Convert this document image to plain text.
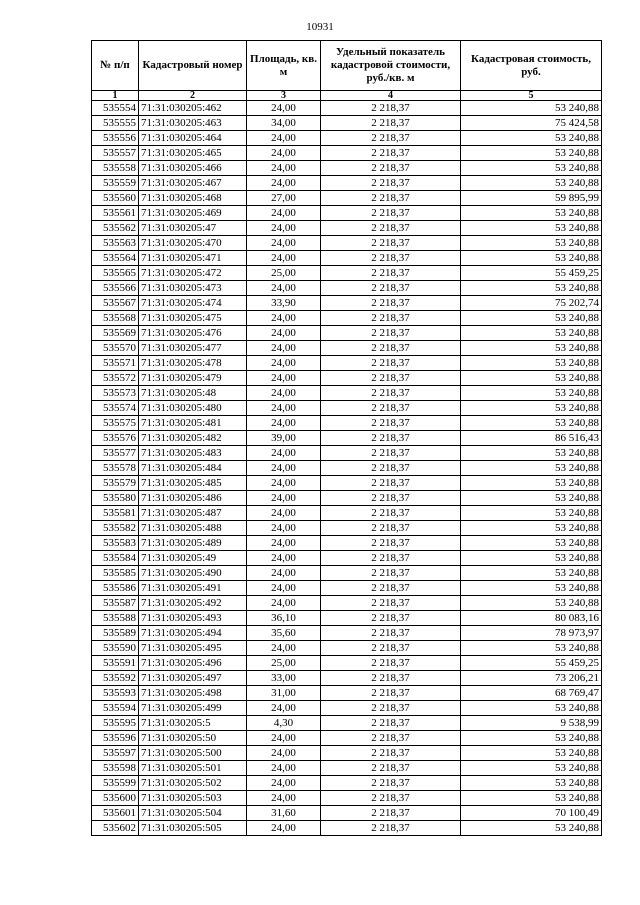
10931
№ п/п	Кадастровый номер	Площадь, кв. м	Удельный показатель кадастровой стоимости, руб./кв. м	Кадастровая стоимость, руб.
1	2	3	4	5
535554	71:31:030205:462	24,00	2 218,37	53 240,88
535555	71:31:030205:463	34,00	2 218,37	75 424,58
535556	71:31:030205:464	24,00	2 218,37	53 240,88
535557	71:31:030205:465	24,00	2 218,37	53 240,88
535558	71:31:030205:466	24,00	2 218,37	53 240,88
535559	71:31:030205:467	24,00	2 218,37	53 240,88
535560	71:31:030205:468	27,00	2 218,37	59 895,99
535561	71:31:030205:469	24,00	2 218,37	53 240,88
535562	71:31:030205:47	24,00	2 218,37	53 240,88
535563	71:31:030205:470	24,00	2 218,37	53 240,88
535564	71:31:030205:471	24,00	2 218,37	53 240,88
535565	71:31:030205:472	25,00	2 218,37	55 459,25
535566	71:31:030205:473	24,00	2 218,37	53 240,88
535567	71:31:030205:474	33,90	2 218,37	75 202,74
535568	71:31:030205:475	24,00	2 218,37	53 240,88
535569	71:31:030205:476	24,00	2 218,37	53 240,88
535570	71:31:030205:477	24,00	2 218,37	53 240,88
535571	71:31:030205:478	24,00	2 218,37	53 240,88
535572	71:31:030205:479	24,00	2 218,37	53 240,88
535573	71:31:030205:48	24,00	2 218,37	53 240,88
535574	71:31:030205:480	24,00	2 218,37	53 240,88
535575	71:31:030205:481	24,00	2 218,37	53 240,88
535576	71:31:030205:482	39,00	2 218,37	86 516,43
535577	71:31:030205:483	24,00	2 218,37	53 240,88
535578	71:31:030205:484	24,00	2 218,37	53 240,88
535579	71:31:030205:485	24,00	2 218,37	53 240,88
535580	71:31:030205:486	24,00	2 218,37	53 240,88
535581	71:31:030205:487	24,00	2 218,37	53 240,88
535582	71:31:030205:488	24,00	2 218,37	53 240,88
535583	71:31:030205:489	24,00	2 218,37	53 240,88
535584	71:31:030205:49	24,00	2 218,37	53 240,88
535585	71:31:030205:490	24,00	2 218,37	53 240,88
535586	71:31:030205:491	24,00	2 218,37	53 240,88
535587	71:31:030205:492	24,00	2 218,37	53 240,88
535588	71:31:030205:493	36,10	2 218,37	80 083,16
535589	71:31:030205:494	35,60	2 218,37	78 973,97
535590	71:31:030205:495	24,00	2 218,37	53 240,88
535591	71:31:030205:496	25,00	2 218,37	55 459,25
535592	71:31:030205:497	33,00	2 218,37	73 206,21
535593	71:31:030205:498	31,00	2 218,37	68 769,47
535594	71:31:030205:499	24,00	2 218,37	53 240,88
535595	71:31:030205:5	4,30	2 218,37	9 538,99
535596	71:31:030205:50	24,00	2 218,37	53 240,88
535597	71:31:030205:500	24,00	2 218,37	53 240,88
535598	71:31:030205:501	24,00	2 218,37	53 240,88
535599	71:31:030205:502	24,00	2 218,37	53 240,88
535600	71:31:030205:503	24,00	2 218,37	53 240,88
535601	71:31:030205:504	31,60	2 218,37	70 100,49
535602	71:31:030205:505	24,00	2 218,37	53 240,88
